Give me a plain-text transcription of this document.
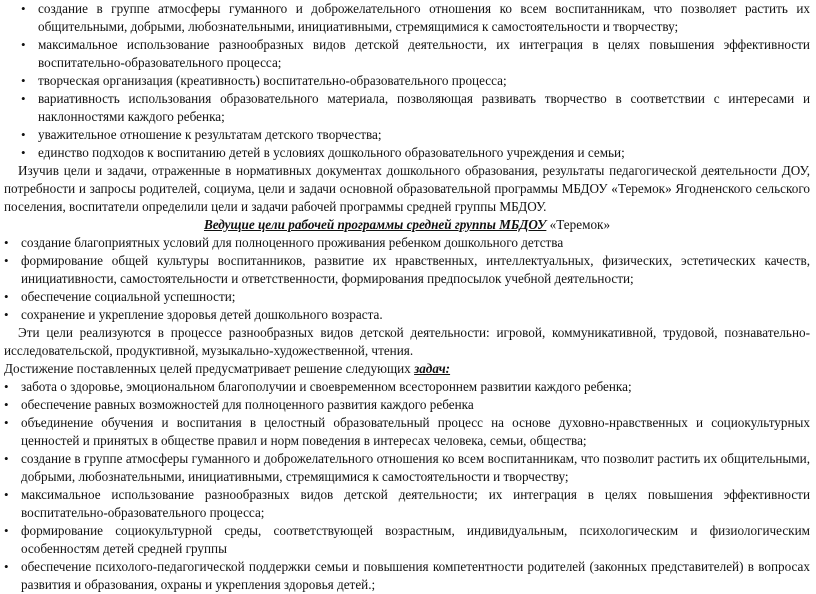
• создание в группе атмосферы гуманного и доброжелательного отношения ко всем воспитанникам, что позволяет растить их общительными, добрыми, любознательными, инициативными, стремящимися к самостоятельности и творчеству;
• максимальное использование разнообразных видов детской деятельности, их интеграция в целях повышения эффективности воспитательно-образовательного процесса;
• творческая организация (креативность) воспитательно-образовательного процесса;
• вариативность использования образовательного материала, позволяющая развивать творчество в соответствии с интересами и наклонностями каждого ребенка;
• уважительное отношение к результатам детского творчества;
• единство подходов к воспитанию детей в условиях дошкольного образовательного учреждения и семьи;

Изучив цели и задачи, отраженные в нормативных документах дошкольного образования, результаты педагогической деятельности ДОУ, потребности и запросы родителей, социума, цели и задачи основной образовательной программы МБДОУ «Теремок» Ягодненского сельского поселения, воспитатели определили цели и задачи рабочей программы средней группы МБДОУ.

Ведущие цели рабочей программы средней группы МБДОУ «Теремок»

• создание благоприятных условий для полноценного проживания ребенком дошкольного детства
• формирование общей культуры воспитанников, развитие их нравственных, интеллектуальных, физических, эстетических качеств, инициативности, самостоятельности и ответственности, формирования предпосылок учебной деятельности;
• обеспечение социальной успешности;
• сохранение и укрепление здоровья детей дошкольного возраста.

Эти цели реализуются в процессе разнообразных видов детской деятельности: игровой, коммуникативной, трудовой, познавательно-исследовательской, продуктивной, музыкально-художественной, чтения.

Достижение поставленных целей предусматривает решение следующих задач:

• забота о здоровье, эмоциональном благополучии и своевременном всестороннем развитии каждого ребенка;
• обеспечение равных возможностей для полноценного развития каждого ребенка
• объединение обучения и воспитания в целостный образовательный процесс на основе духовно-нравственных и социокультурных ценностей и принятых в обществе правил и норм поведения в интересах человека, семьи, общества;
• создание в группе атмосферы гуманного и доброжелательного отношения ко всем воспитанникам, что позволит растить их общительными, добрыми, любознательными, инициативными, стремящимися к самостоятельности и творчеству;
• максимальное использование разнообразных видов детской деятельности; их интеграция в целях повышения эффективности воспитательно-образовательного процесса;
• формирование социокультурной среды, соответствующей возрастным, индивидуальным, психологическим и физиологическим особенностям детей средней группы
• обеспечение психолого-педагогической поддержки семьи и повышения компетентности родителей (законных представителей) в вопросах развития и образования, охраны и укрепления здоровья детей.;
